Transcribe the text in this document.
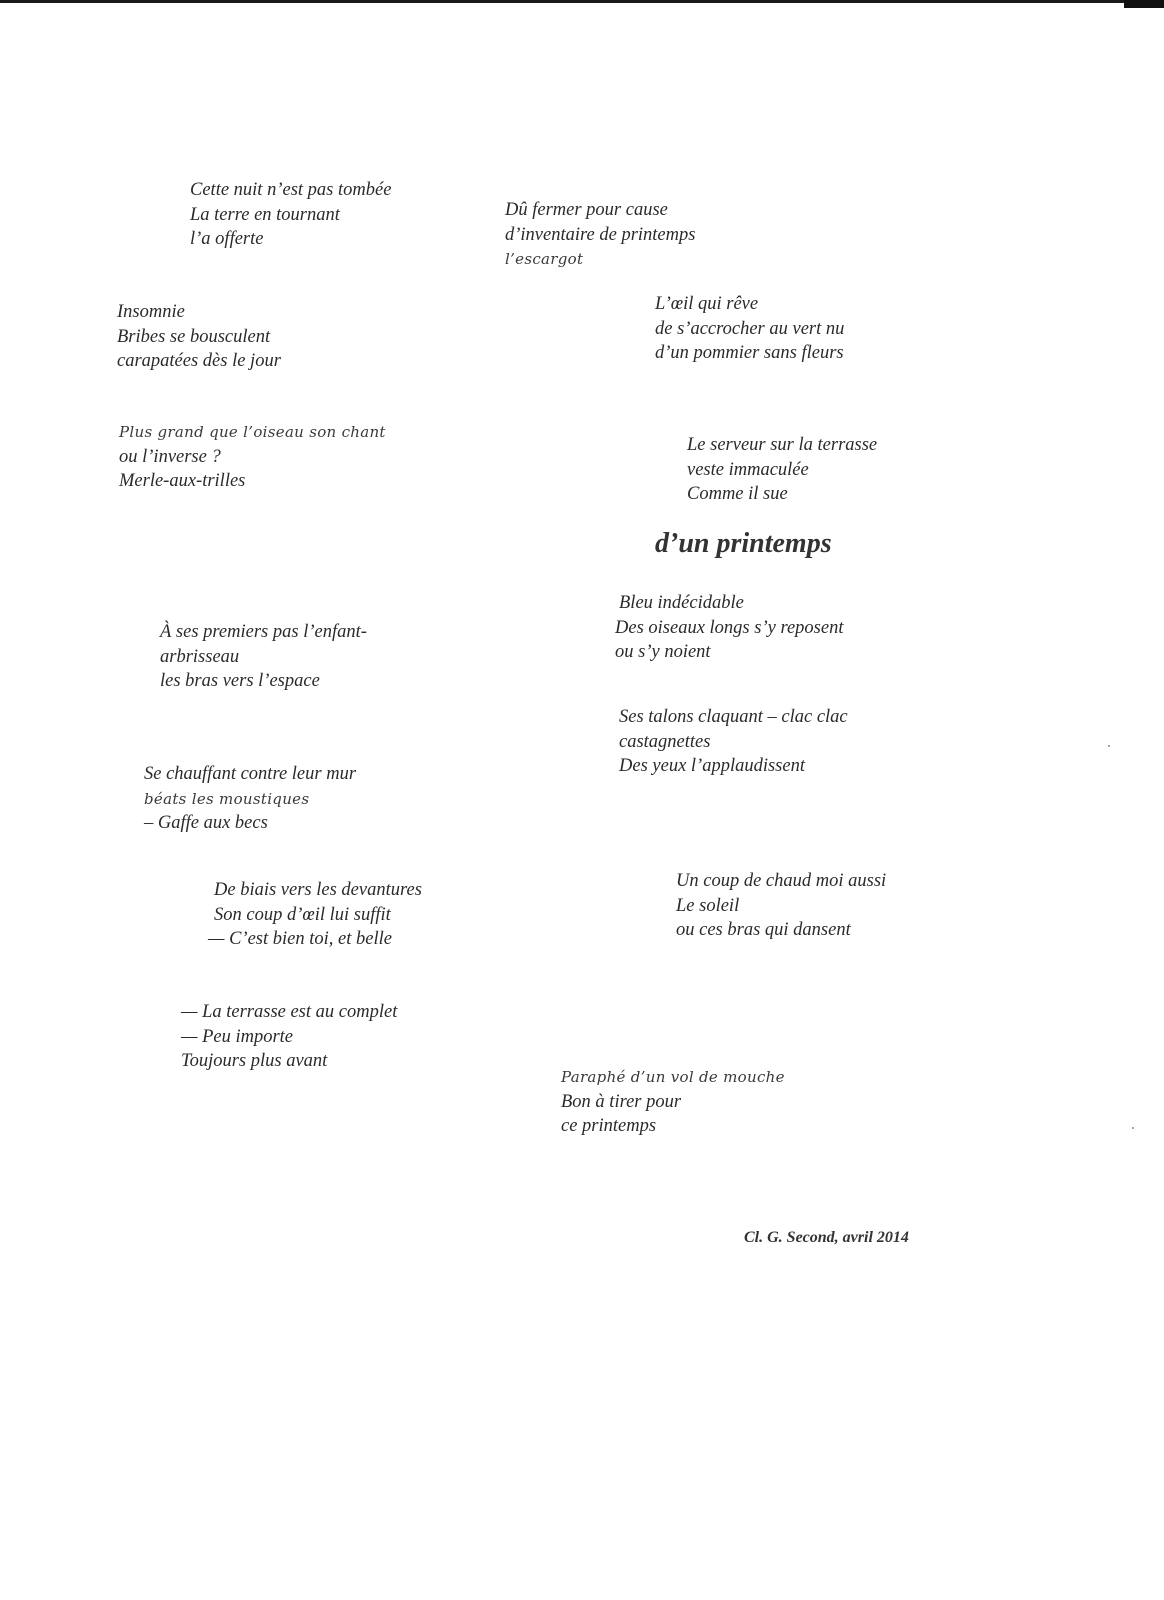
Cette nuit n’est pas tombée
La terre en tournant
l’a offerte
Dû fermer pour cause
d’inventaire de printemps
l’escargot
Insomnie
Bribes se bousculent
carapatées dès le jour
L’œil qui rêve
de s’accrocher au vert nu
d’un pommier sans fleurs
Plus grand que l’oiseau son chant
ou l’inverse ?
Merle-aux-trilles
Le serveur sur la terrasse
veste immaculée
Comme il sue
d’un printemps
Bleu indécidable
Des oiseaux longs s’y reposent
ou s’y noient
À ses premiers pas l’enfant-
arbrisseau
les bras vers l’espace
Ses talons claquant – clac clac
castagnettes
Des yeux l’applaudissent
Se chauffant contre leur mur
béats les moustiques
– Gaffe aux becs
De biais vers les devantures
Son coup d’œil lui suffit
— C’est bien toi, et belle
Un coup de chaud moi aussi
Le soleil
ou ces bras qui dansent
— La terrasse est au complet
— Peu importe
Toujours plus avant
Paraphé d’un vol de mouche
Bon à tirer pour
ce printemps
Cl. G. Second, avril 2014
